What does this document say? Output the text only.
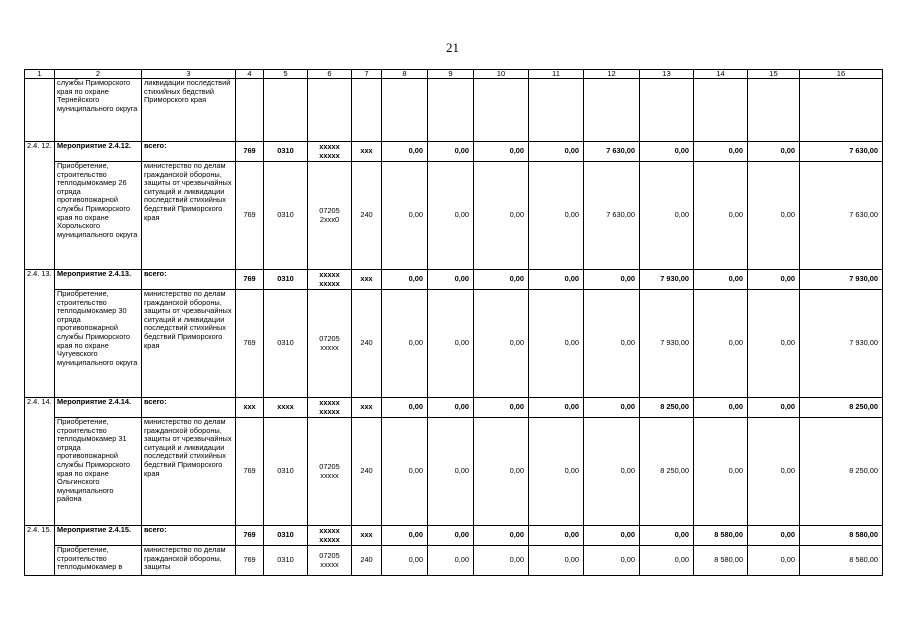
21
1	2	3	4	5	6	7	8	9	10	11	12	13	14	15	16
	службы Приморского края по охране Тернейского муниципального округа	ликвидации последствий стихийных бедствий Приморского края													
2.4. 12.	Мероприятие 2.4.12.	всего:	769	0310	xxxxx xxxxx	xxx	0,00	0,00	0,00	0,00	7 630,00	0,00	0,00	0,00	7 630,00
	Приобретение, строительство теплодымокамер 26 отряда противопожарной службы Приморского края по охране Хорольского муниципального округа	министерство по делам гражданской обороны, защиты от чрезвычайных ситуаций и ликвидации последствий стихийных бедствий Приморского края	769	0310	07205 2xxx0	240	0,00	0,00	0,00	0,00	7 630,00	0,00	0,00	0,00	7 630,00
2.4. 13.	Мероприятие 2.4.13.	всего:	769	0310	xxxxx xxxxx	xxx	0,00	0,00	0,00	0,00	0,00	7 930,00	0,00	0,00	7 930,00
	Приобретение, строительство теплодымокамер 30 отряда противопожарной службы Приморского края по охране Чугуевского муниципального округа	министерство по делам гражданской обороны, защиты от чрезвычайных ситуаций и ликвидации последствий стихийных бедствий Приморского края	769	0310	07205 xxxxx	240	0,00	0,00	0,00	0,00	0,00	7 930,00	0,00	0,00	7 930,00
2.4. 14.	Мероприятие 2.4.14.	всего:	xxx	xxxx	xxxxx xxxxx	xxx	0,00	0,00	0,00	0,00	0,00	8 250,00	0,00	0,00	8 250,00
	Приобретение, строительство теплодымокамер 31 отряда противопожарной службы Приморского края по охране Ольгинского муниципального района	министерство по делам гражданской обороны, защиты от чрезвычайных ситуаций и ликвидации последствий стихийных бедствий Приморского края	769	0310	07205 xxxxx	240	0,00	0,00	0,00	0,00	0,00	8 250,00	0,00	0,00	8 250,00
2.4. 15.	Мероприятие 2.4.15.	всего:	769	0310	xxxxx xxxxx	xxx	0,00	0,00	0,00	0,00	0,00	0,00	8 580,00	0,00	8 580,00
	Приобретение, строительство теплодымокамер в	министерство по делам гражданской обороны, защиты	769	0310	07205 xxxxx	240	0,00	0,00	0,00	0,00	0,00	0,00	8 580,00	0,00	8 580,00
